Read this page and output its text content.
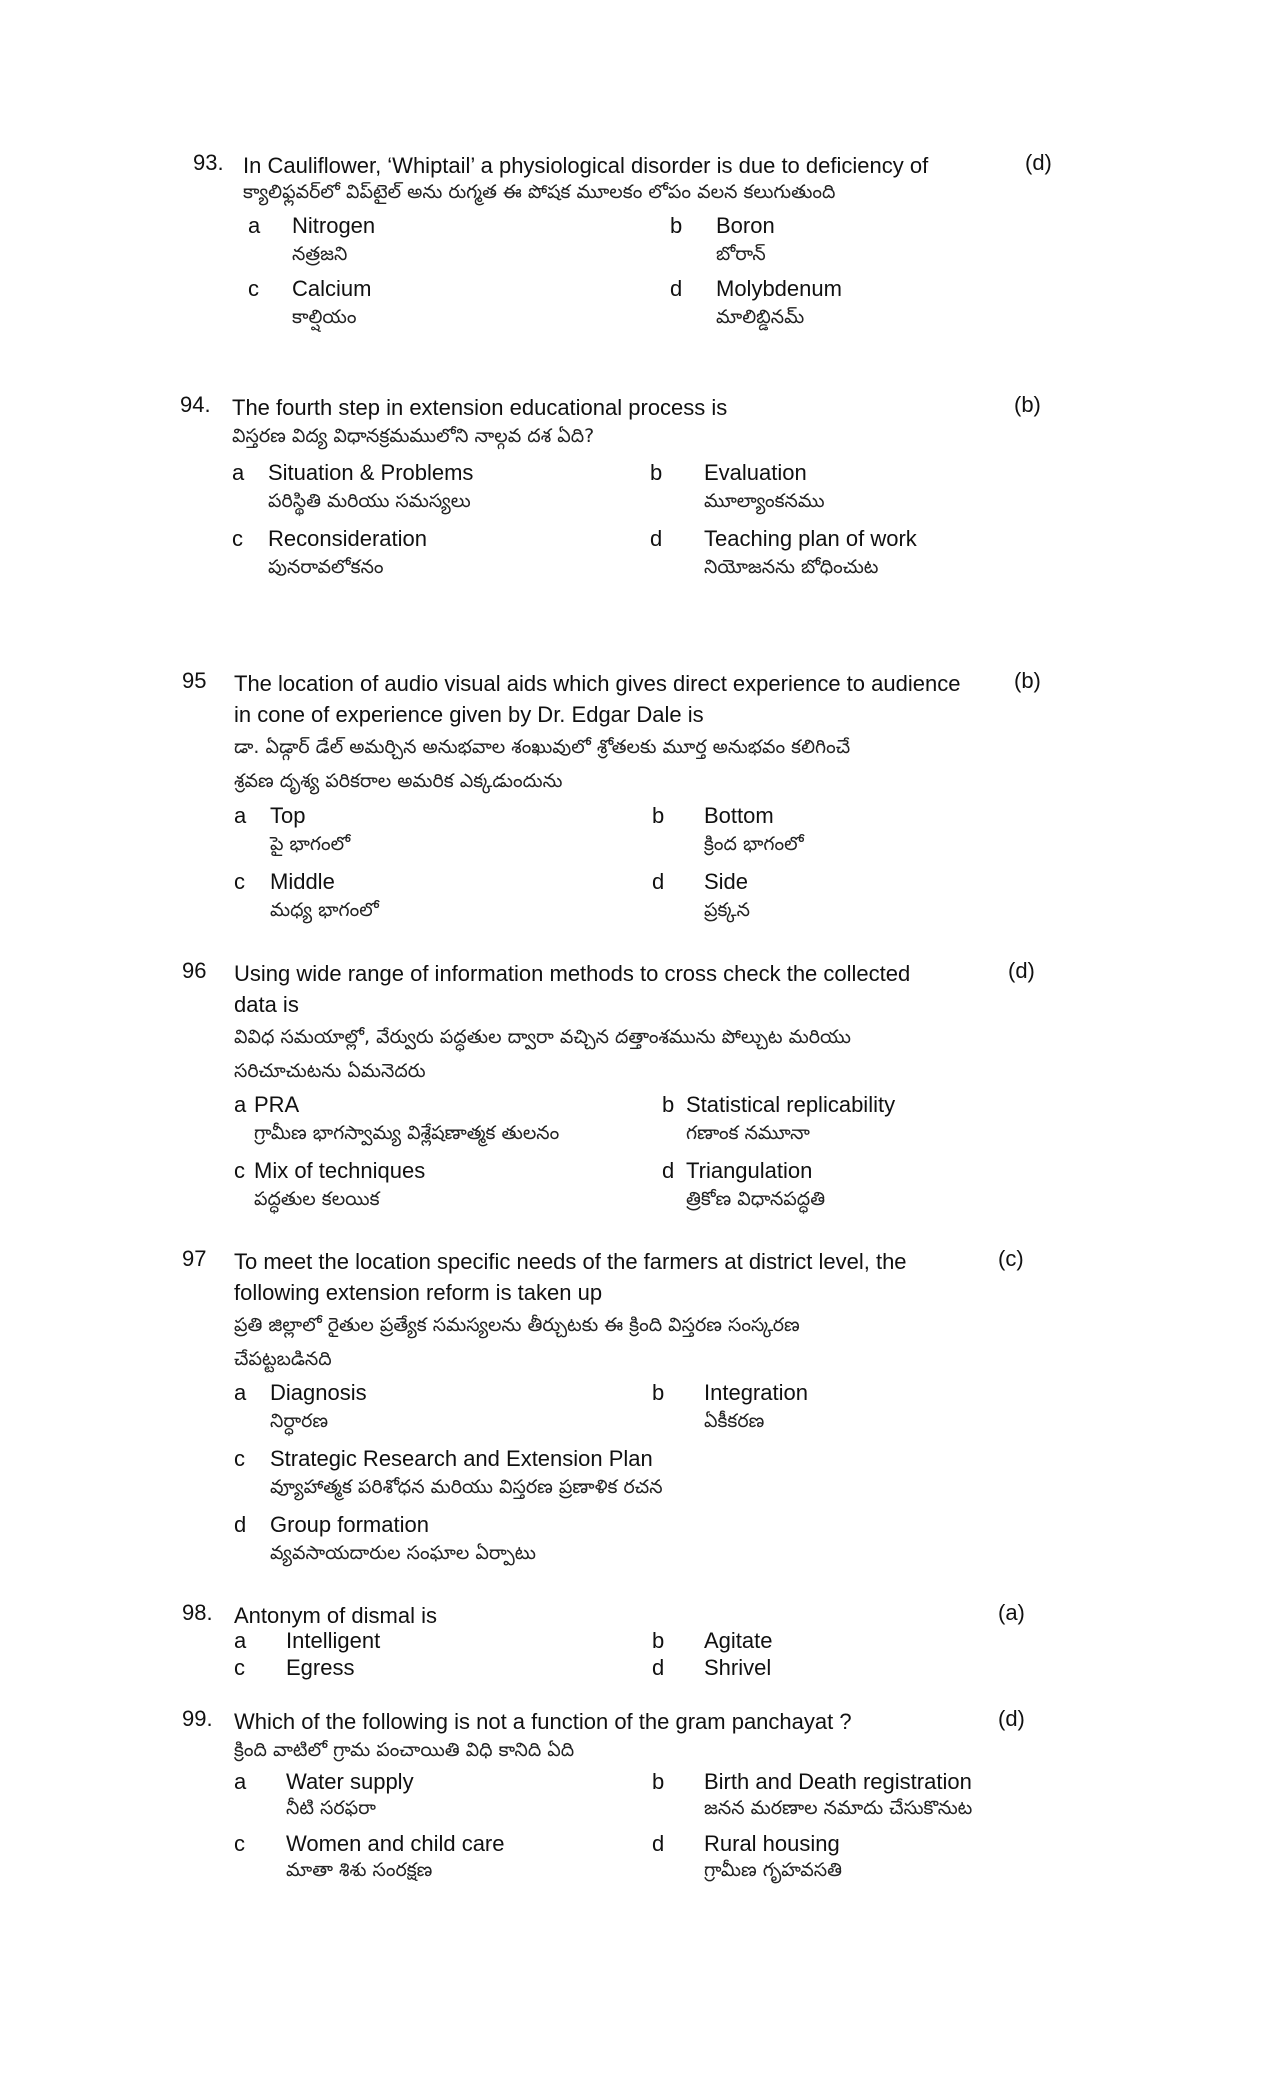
93.	(d)
In Cauliflower, ‘Whiptail’ a physiological disorder is due to deficiency of
క్యాలిఫ్లవర్‌లో విప్‌టైల్ అను రుగ్మత ఈ పోషక మూలకం లోపం వలన కలుగుతుంది
a Nitrogen
నత్రజని
b Boron
బోరాన్
c Calcium
కాల్షియం
d Molybdenum
మాలిబ్డినమ్
94.	(b)
The fourth step in extension educational process is
విస్తరణ విద్య విధానక్రమములోని నాల్గవ దశ ఏది?
a Situation & Problems
పరిస్థితి మరియు సమస్యలు
b Evaluation
మూల్యాంకనము
c Reconsideration
పునరావలోకనం
d Teaching plan of work
నియోజనను బోధించుట
95	(b)
The location of audio visual aids which gives direct experience to audience
in cone of experience given by Dr. Edgar Dale is
డా. ఏడ్గార్ డేల్ అమర్చిన అనుభవాల శంఖువులో శ్రోతలకు మూర్త అనుభవం కలిగించే
శ్రవణ దృశ్య పరికరాల అమరిక ఎక్కడుందును
a Top
పై భాగంలో
b Bottom
క్రింద భాగంలో
c Middle
మధ్య భాగంలో
d Side
ప్రక్కన
96	(d)
Using wide range of information methods to cross check the collected
data is
వివిధ సమయాల్లో, వేర్వురు పద్ధతుల ద్వారా వచ్చిన దత్తాంశమును పోల్చుట మరియు
సరిచూచుటను ఏమనెదరు
a PRA
గ్రామీణ భాగస్వామ్య విశ్లేషణాత్మక తులనం
b Statistical replicability
గణాంక నమూనా
c Mix of techniques
పద్ధతుల కలయిక
d Triangulation
త్రికోణ విధానపద్ధతి
97	(c)
To meet the location specific needs of the farmers at district level, the
following extension reform is taken up
ప్రతి జిల్లాలో రైతుల ప్రత్యేక సమస్యలను తీర్చుటకు ఈ క్రింది విస్తరణ సంస్కరణ
చేపట్టబడినది
a Diagnosis
నిర్ధారణ
b Integration
ఏకీకరణ
c Strategic Research and Extension Plan
వ్యూహాత్మక పరిశోధన మరియు విస్తరణ ప్రణాళిక రచన
d Group formation
వ్యవసాయదారుల సంఘాల ఏర్పాటు
98.	(a)
Antonym of dismal is
a Intelligent	b Agitate
c Egress	d Shrivel
99.	(d)
Which of the following is not a function of the gram panchayat ?
క్రింది వాటిలో గ్రామ పంచాయితి విధి కానిది ఏది
a Water supply
నీటి సరఫరా
b Birth and Death registration
జనన మరణాల నమాదు చేసుకొనుట
c Women and child care
మాతా శిశు సంరక్షణ
d Rural housing
గ్రామీణ గృహవసతి
